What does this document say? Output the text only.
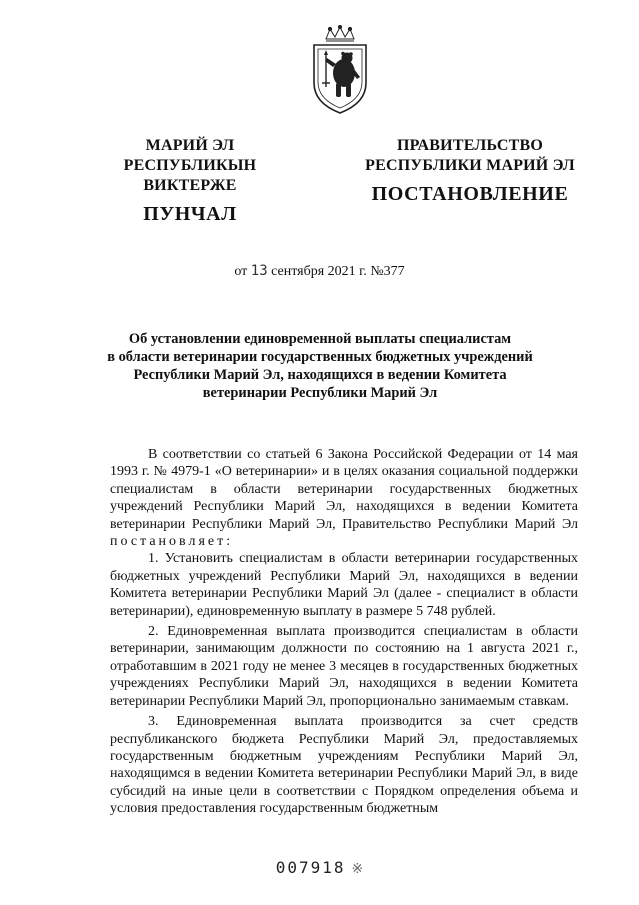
МАРИЙ ЭЛ РЕСПУБЛИКЫН
ВИКТЕРЖЕ
ПУНЧАЛ
ПРАВИТЕЛЬСТВО
РЕСПУБЛИКИ МАРИЙ ЭЛ
ПОСТАНОВЛЕНИЕ
от 13 сентября 2021 г. №377
Об установлении единовременной выплаты специалистам
в области ветеринарии государственных бюджетных учреждений
Республики Марий Эл, находящихся в ведении Комитета
ветеринарии Республики Марий Эл

В соответствии со статьей 6 Закона Российской Федерации от 14 мая 1993 г. № 4979-1 «О ветеринарии» и в целях оказания социальной поддержки специалистам в области ветеринарии государственных бюджетных учреждений Республики Марий Эл, находящихся в ведении Комитета ветеринарии Республики Марий Эл, Правительство Республики Марий Эл постановляет:

1. Установить специалистам в области ветеринарии государственных бюджетных учреждений Республики Марий Эл, находящихся в ведении Комитета ветеринарии Республики Марий Эл (далее - специалист в области ветеринарии), единовременную выплату в размере 5 748 рублей.

2. Единовременная выплата производится специалистам в области ветеринарии, занимающим должности по состоянию на 1 августа 2021 г., отработавшим в 2021 году не менее 3 месяцев в государственных бюджетных учреждениях Республики Марий Эл, находящихся в ведении Комитета ветеринарии Республики Марий Эл, пропорционально занимаемым ставкам.

3. Единовременная выплата производится за счет средств республиканского бюджета Республики Марий Эл, предоставляемых государственным бюджетным учреждениям Республики Марий Эл, находящимся в ведении Комитета ветеринарии Республики Марий Эл, в виде субсидий на иные цели в соответствии с Порядком определения объема и условия предоставления государственным бюджетным

007918 ※
